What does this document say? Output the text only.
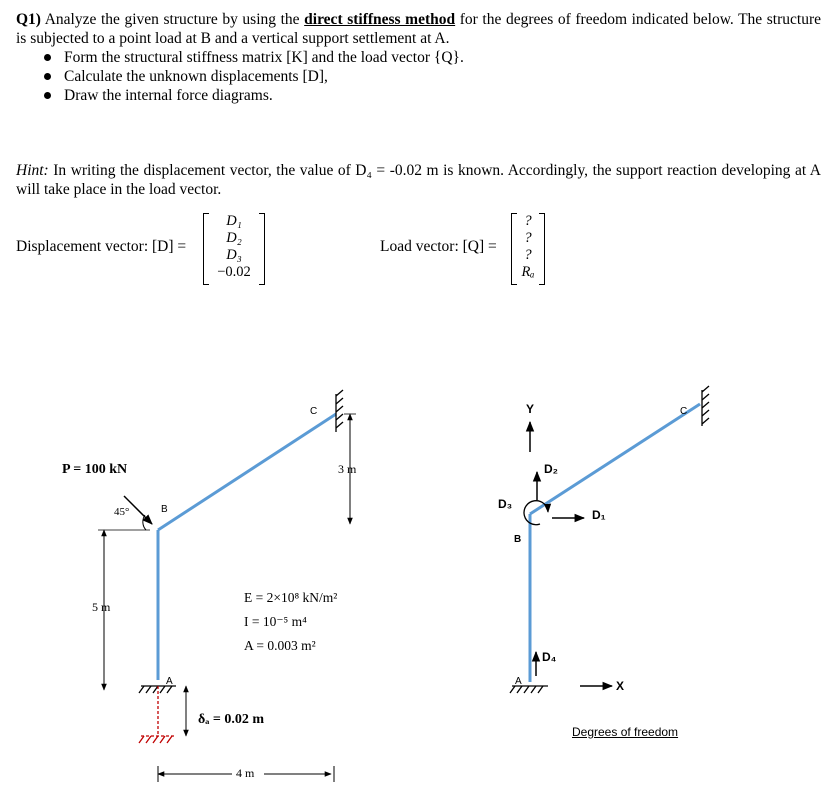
Q1) Analyze the given structure by using the direct stiffness method for the degrees of freedom indicated below. The structure is subjected to a point load at B and a vertical support settlement at A.
Form the structural stiffness matrix [K] and the load vector {Q}.
Calculate the unknown displacements [D],
Draw the internal force diagrams.
Hint: In writing the displacement vector, the value of D₄ = -0.02 m is known. Accordingly, the support reaction developing at A will take place in the load vector.
Displacement vector: [D] =
D₁
D₂
D₃
−0.02
Load vector: [Q] =
?
?
?
Rₐ
P = 100 kN
45°	B
C
A
5 m
3 m
4 m
δₐ = 0.02 m
E = 2×10⁸ kN/m²
I = 10⁻⁵ m⁴
A = 0.003 m²
Y	C
D₂
D₃
D₁
B
D₄
A	X
Degrees of freedom
